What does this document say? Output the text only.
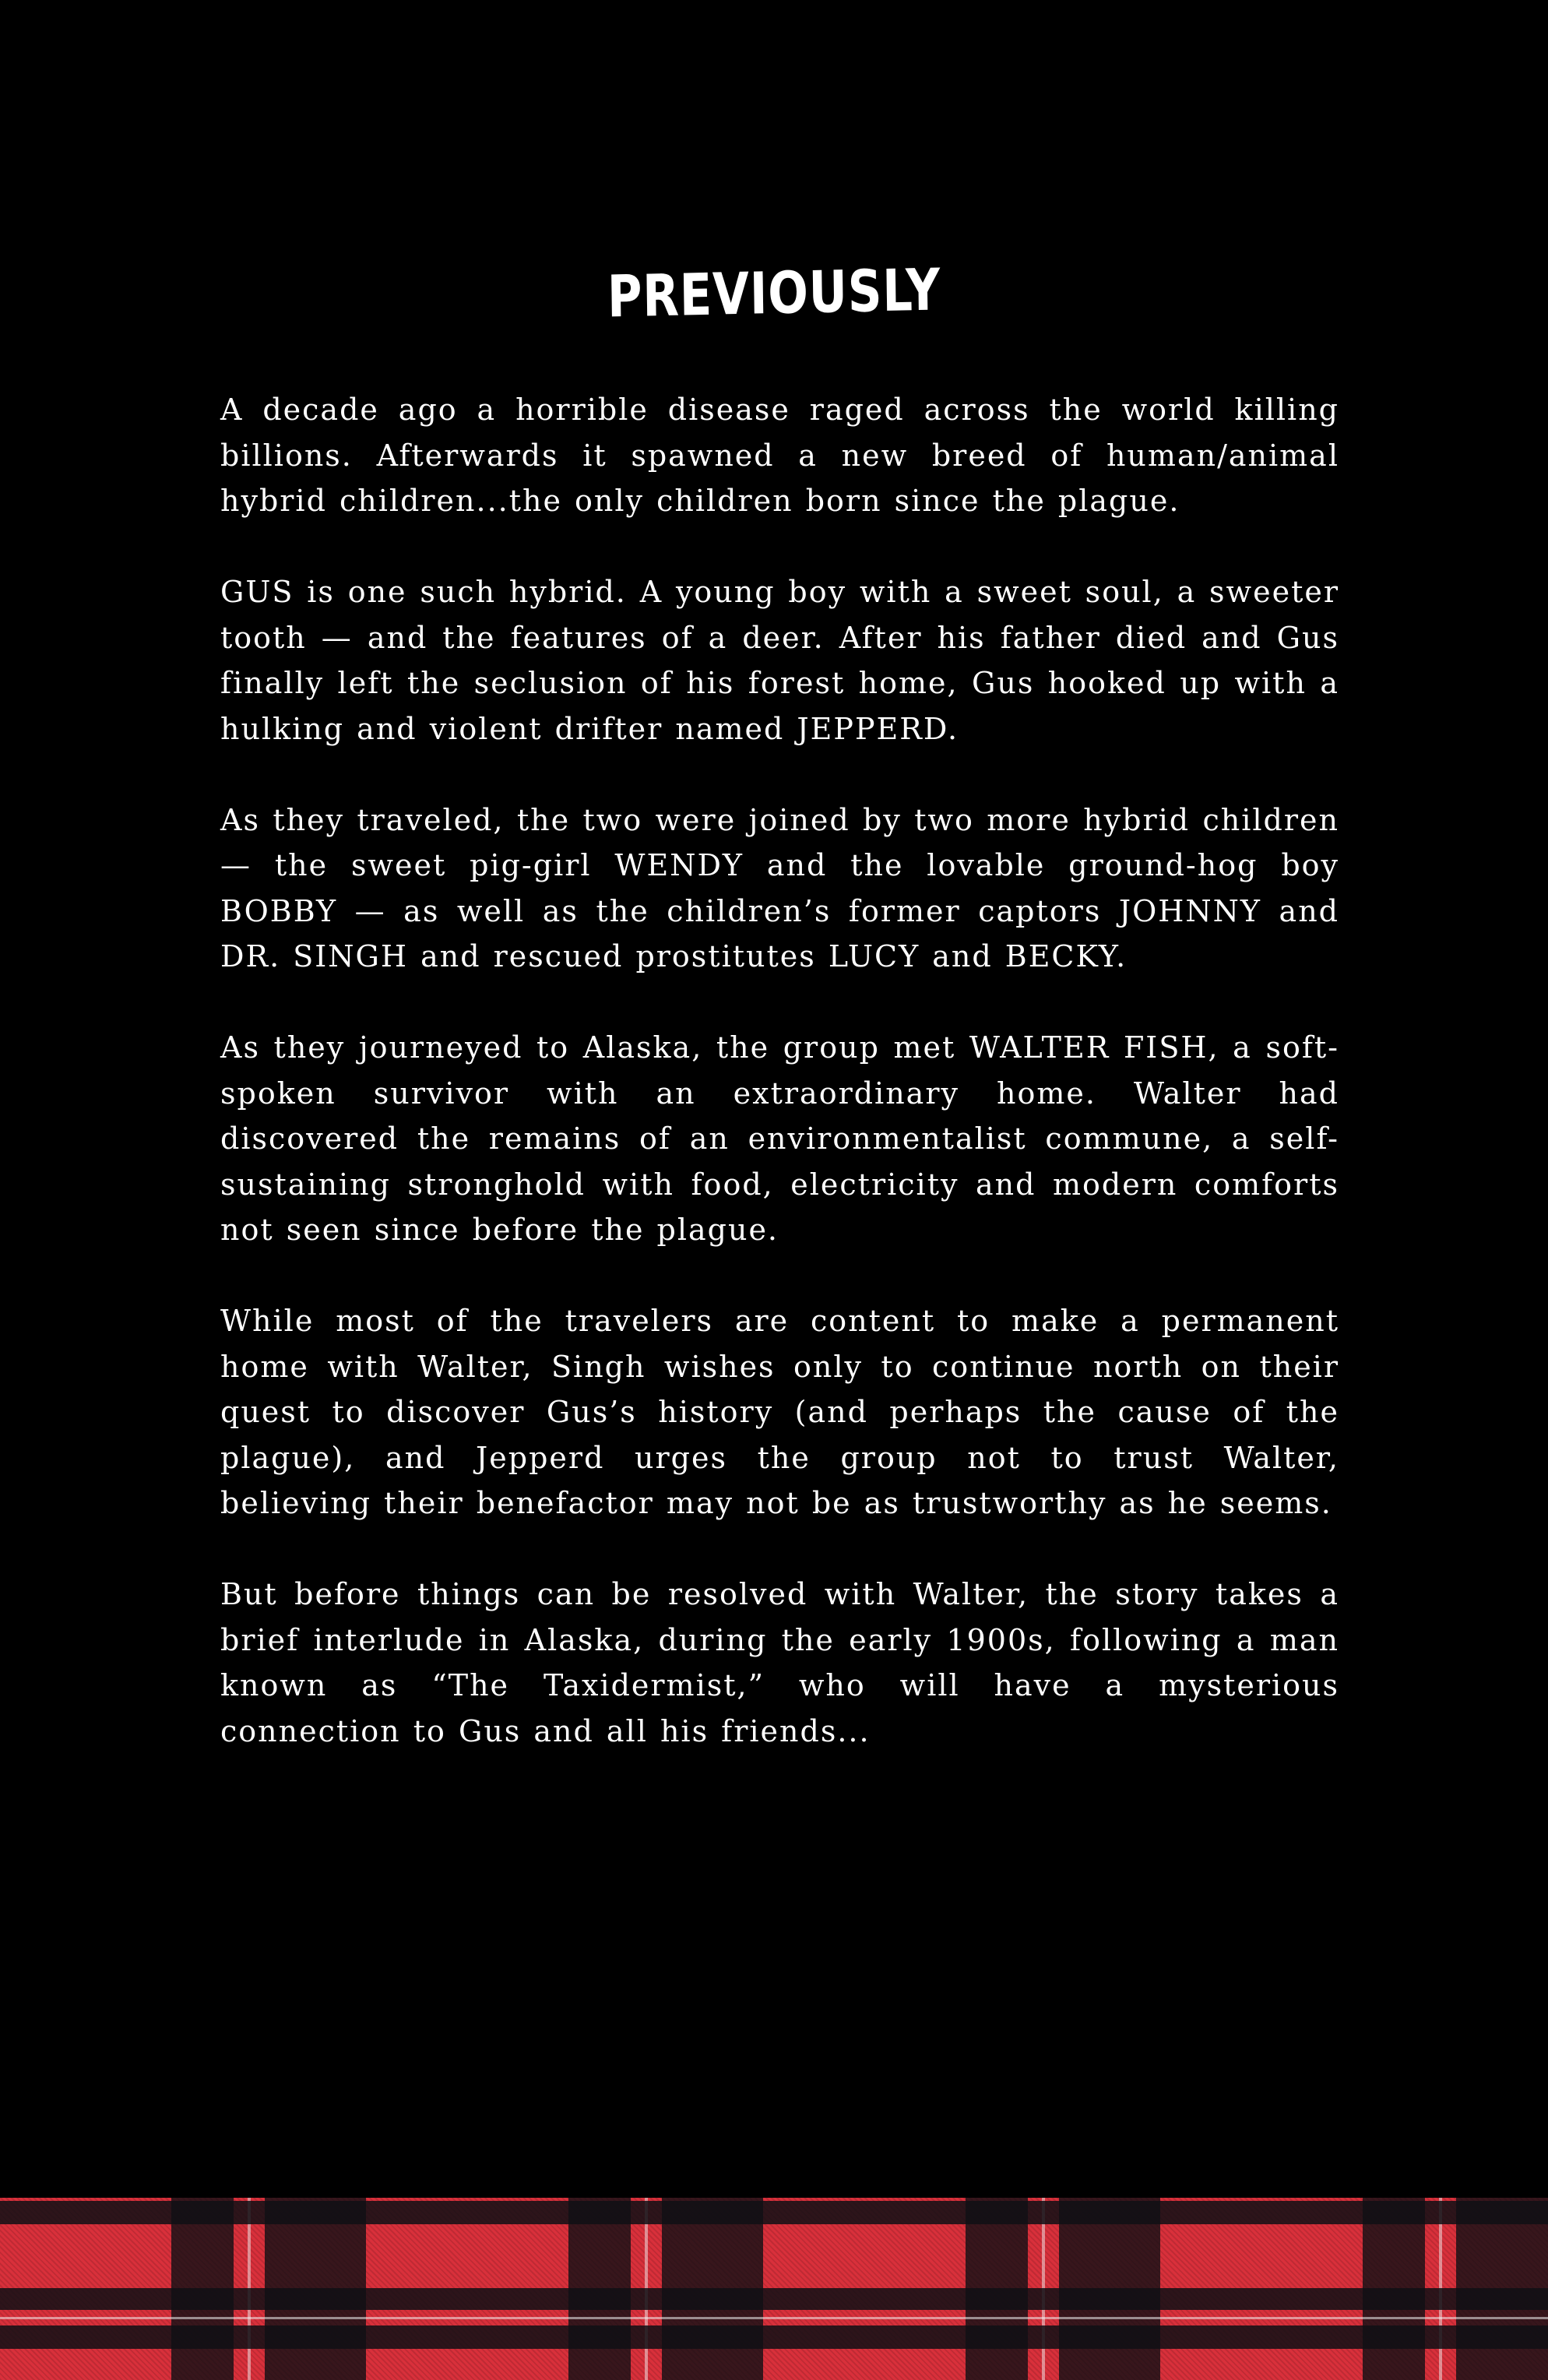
PREVIOUSLY

A decade ago a horrible disease raged across the world killing billions. Afterwards it spawned a new breed of human/animal hybrid children...the only children born since the plague.

GUS is one such hybrid. A young boy with a sweet soul, a sweeter tooth — and the features of a deer. After his father died and Gus finally left the seclusion of his forest home, Gus hooked up with a hulking and violent drifter named JEPPERD.

As they traveled, the two were joined by two more hybrid children — the sweet pig-girl WENDY and the lovable ground-hog boy BOBBY — as well as the children’s former captors JOHNNY and DR. SINGH and rescued prostitutes LUCY and BECKY.

As they journeyed to Alaska, the group met WALTER FISH, a soft-spoken survivor with an extraordinary home. Walter had discovered the remains of an environmentalist commune, a self-sustaining stronghold with food, electricity and modern comforts not seen since before the plague.

While most of the travelers are content to make a permanent home with Walter, Singh wishes only to continue north on their quest to discover Gus’s history (and perhaps the cause of the plague), and Jepperd urges the group not to trust Walter, believing their benefactor may not be as trustworthy as he seems.

But before things can be resolved with Walter, the story takes a brief interlude in Alaska, during the early 1900s, following a man known as “The Taxidermist,” who will have a mysterious connection to Gus and all his friends...
